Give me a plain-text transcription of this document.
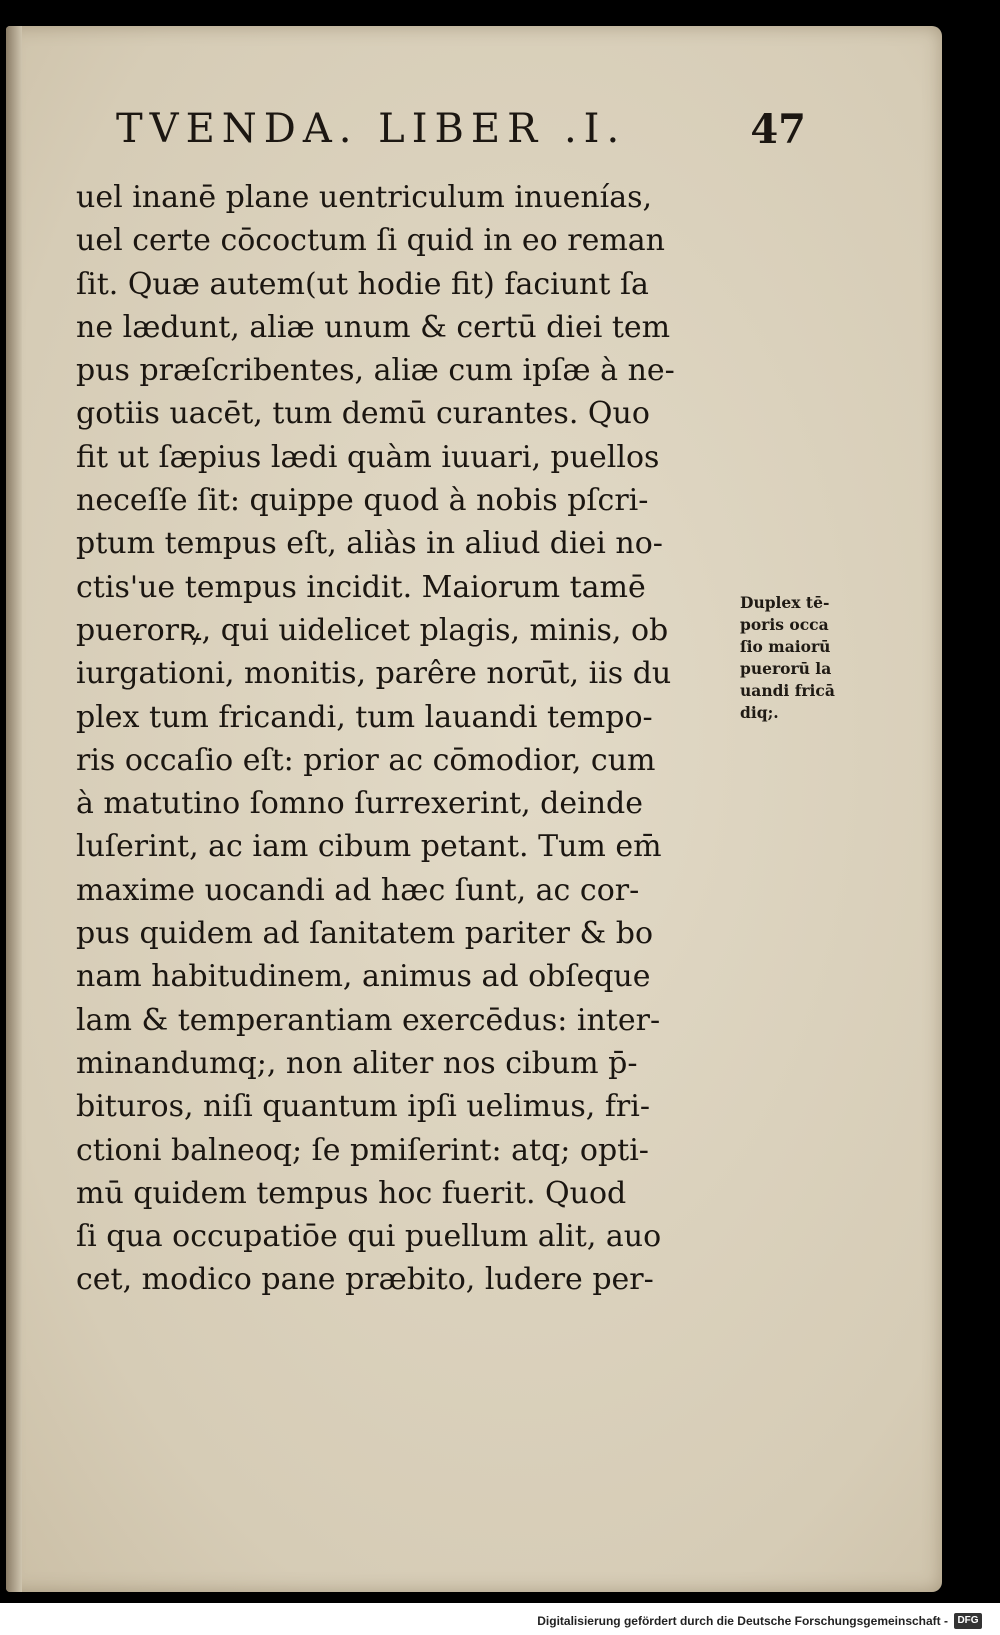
TVENDA. LIBER .I.	47
uel inanē plane uentriculum inuenías,
uel certe cōcoctum ſi quid in eo reman
ſit. Quæ autem(ut hodie fit) faciunt ſa
ne lædunt, aliæ unum & certū diei tem
pus præſcribentes, aliæ cum ipſæ à ne-
gotiis uacēt, tum demū curantes. Quo
fit ut ſæpius lædi quàm iuuari, puellos
neceſſe ſit: quippe quod à nobis pſcri-
ptum tempus eſt, aliàs in aliud diei no-
ctis'ue tempus incidit. Maiorum tamē
puerorꝶ, qui uidelicet plagis, minis, ob
iurgationi, monitis, parêre norūt, iis du
plex tum fricandi, tum lauandi tempo-
ris occaſio eſt: prior ac cōmodior, cum
à matutino ſomno ſurrexerint, deinde
luſerint, ac iam cibum petant. Tum em̄
maxime uocandi ad hæc ſunt, ac cor-
pus quidem ad ſanitatem pariter & bo
nam habitudinem, animus ad obſeque
lam & temperantiam exercēdus: inter-
minandumq;, non aliter nos cibum p̄-
bituros, niſi quantum ipſi uelimus, fri-
ctioni balneoq; ſe pmiſerint: atq; opti-
mū quidem tempus hoc fuerit. Quod
ſi qua occupatiōe qui puellum alit, auo
cet, modico pane præbito, ludere per-
Duplex tē-
poris occa
ſio maiorū
puerorū la
uandi fricā
diq;.
Digitalisierung gefördert durch die Deutsche Forschungsgemeinschaft - DFG
